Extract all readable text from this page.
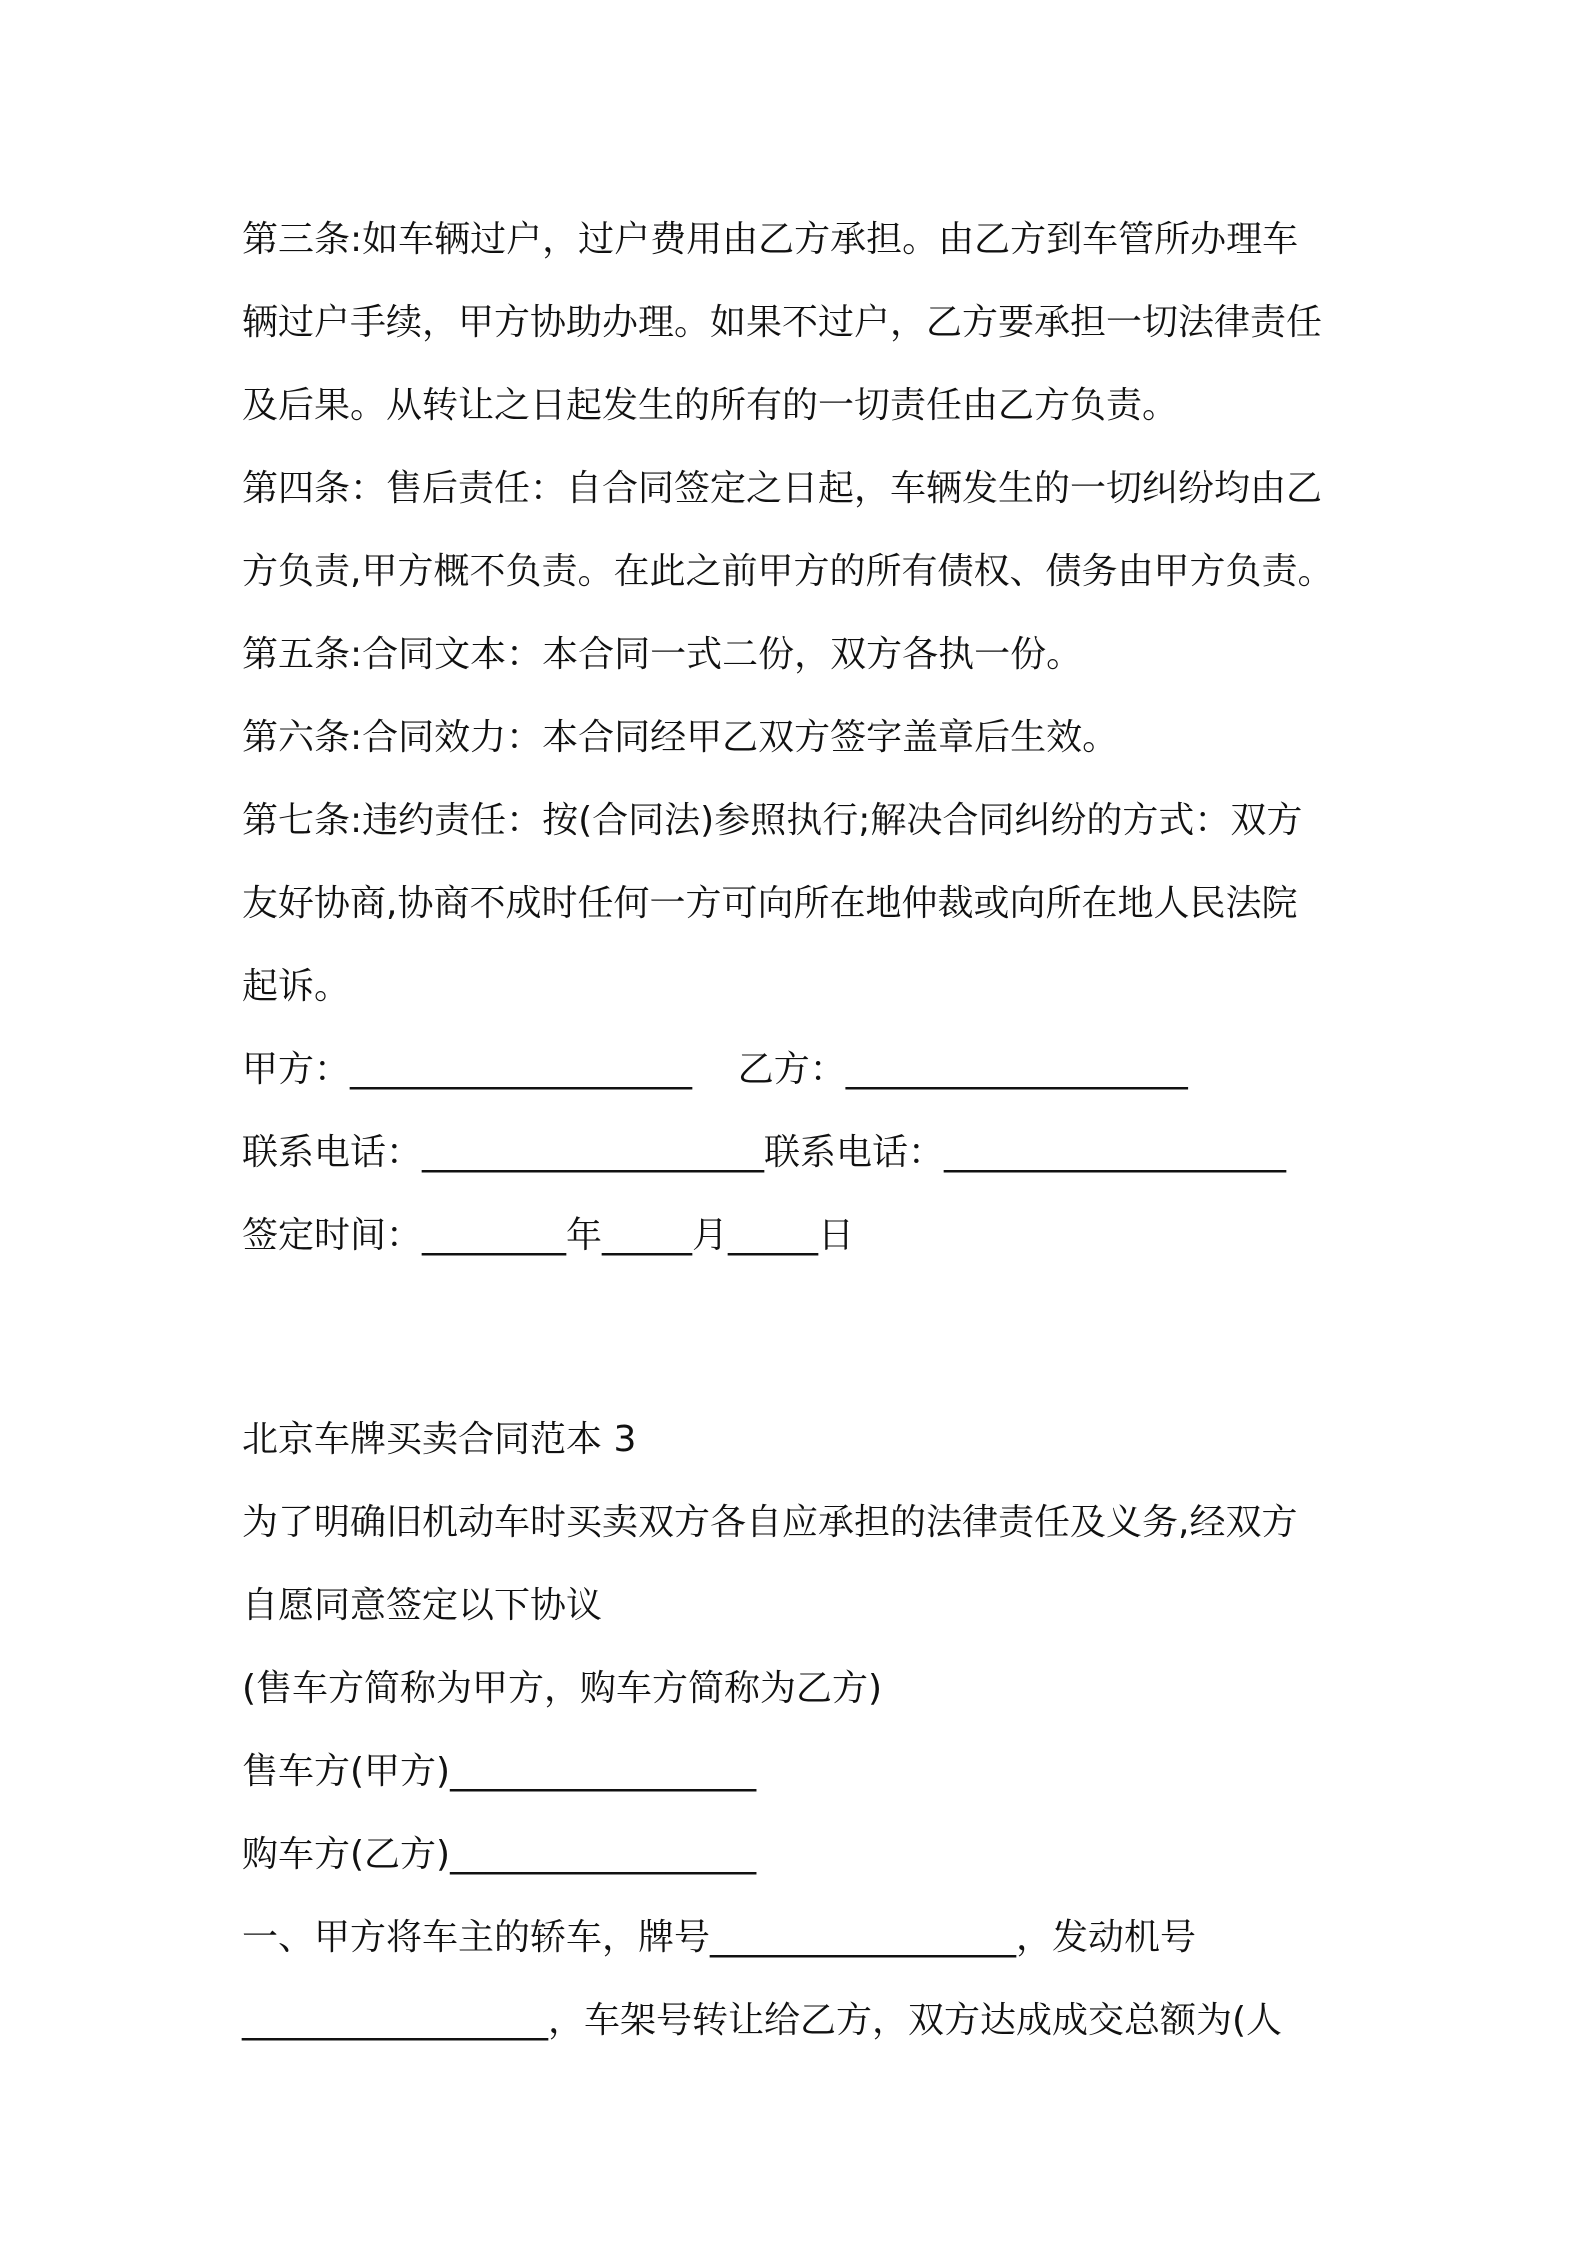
第三条:如车辆过户，过户费用由乙方承担。由乙方到车管所办理车
辆过户手续，甲方协助办理。如果不过户，乙方要承担一切法律责任
及后果。从转让之日起发生的所有的一切责任由乙方负责。
第四条：售后责任：自合同签定之日起，车辆发生的一切纠纷均由乙
方负责,甲方概不负责。在此之前甲方的所有债权、债务由甲方负责。
第五条:合同文本：本合同一式二份，双方各执一份。
第六条:合同效力：本合同经甲乙双方签字盖章后生效。
第七条:违约责任：按(合同法)参照执行;解决合同纠纷的方式：双方
友好协商,协商不成时任何一方可向所在地仲裁或向所在地人民法院
起诉。
甲方：___________________    乙方：___________________
联系电话：___________________联系电话：___________________
签定时间：________年_____月_____日
北京车牌买卖合同范本 3
为了明确旧机动车时买卖双方各自应承担的法律责任及义务,经双方
自愿同意签定以下协议
(售车方简称为甲方，购车方简称为乙方)
售车方(甲方)_________________
购车方(乙方)_________________
一、甲方将车主的轿车，牌号_________________，发动机号
_________________，车架号转让给乙方，双方达成成交总额为(人
